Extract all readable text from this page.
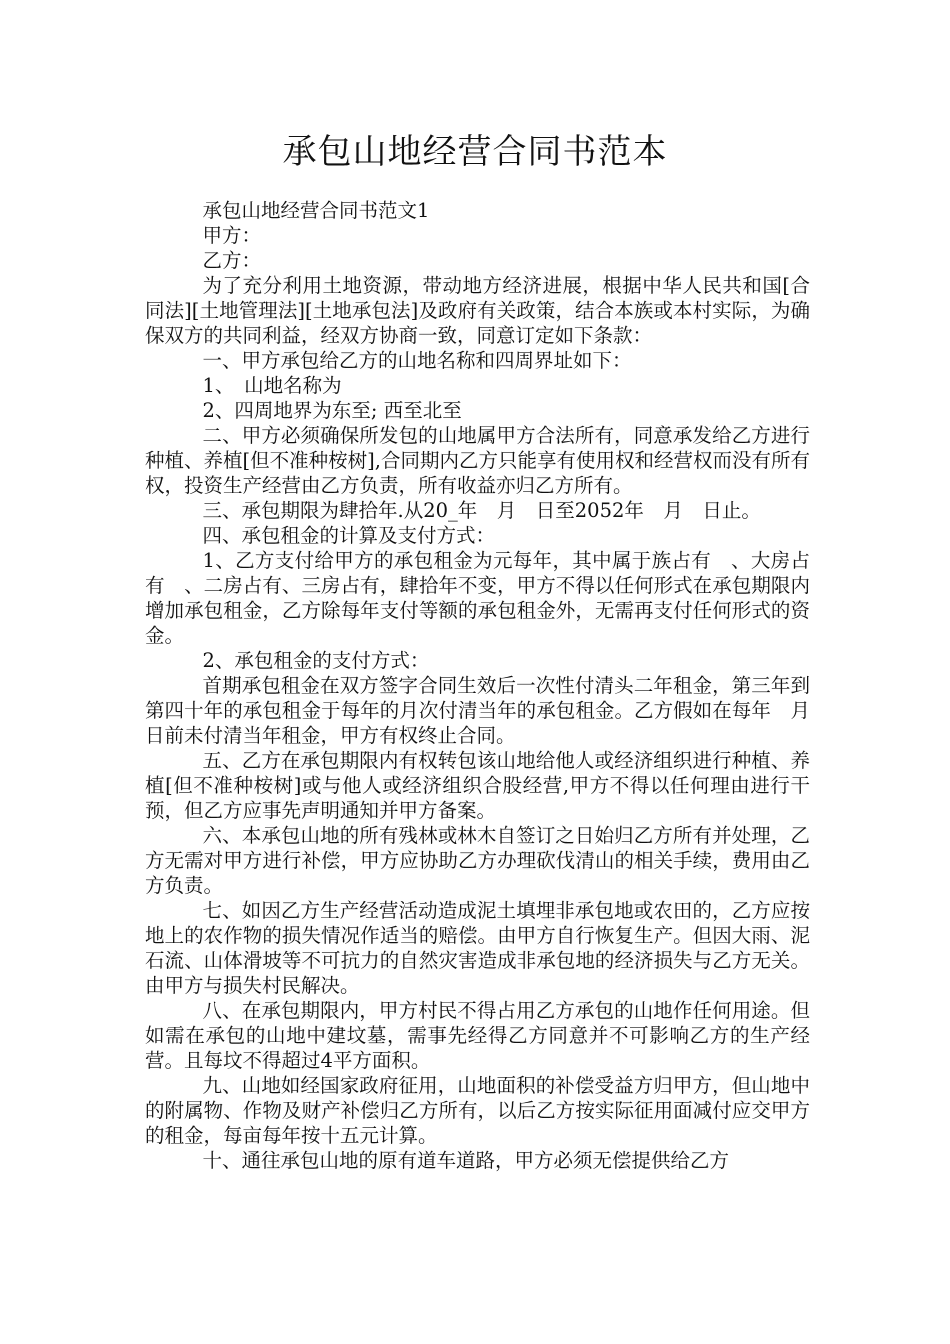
承包山地经营合同书范本

承包山地经营合同书范文1

甲方：

乙方：

为了充分利用土地资源，带动地方经济进展，根据中华人民共和国[合同法][土地管理法][土地承包法]及政府有关政策，结合本族或本村实际，为确保双方的共同利益，经双方协商一致，同意订定如下条款：

一、甲方承包给乙方的山地名称和四周界址如下：

1、　山地名称为

2、四周地界为东至; 西至北至

二、甲方必须确保所发包的山地属甲方合法所有，同意承发给乙方进行种植、养植[但不准种桉树],合同期内乙方只能享有使用权和经营权而没有所有权，投资生产经营由乙方负责，所有收益亦归乙方所有。

三、承包期限为肆拾年.从20_年　月　日至2052年　月　日止。

四、承包租金的计算及支付方式：

1、乙方支付给甲方的承包租金为元每年，其中属于族占有　、大房占有　、二房占有、三房占有，肆拾年不变，甲方不得以任何形式在承包期限内增加承包租金，乙方除每年支付等额的承包租金外，无需再支付任何形式的资金。

2、承包租金的支付方式：

首期承包租金在双方签字合同生效后一次性付清头二年租金，第三年到第四十年的承包租金于每年的月次付清当年的承包租金。乙方假如在每年　月日前未付清当年租金，甲方有权终止合同。

五、乙方在承包期限内有权转包该山地给他人或经济组织进行种植、养植[但不准种桉树]或与他人或经济组织合股经营,甲方不得以任何理由进行干预，但乙方应事先声明通知并甲方备案。

六、本承包山地的所有残林或林木自签订之日始归乙方所有并处理，乙方无需对甲方进行补偿，甲方应协助乙方办理砍伐清山的相关手续，费用由乙方负责。

七、如因乙方生产经营活动造成泥土填埋非承包地或农田的，乙方应按地上的农作物的损失情况作适当的赔偿。由甲方自行恢复生产。但因大雨、泥石流、山体滑坡等不可抗力的自然灾害造成非承包地的经济损失与乙方无关。由甲方与损失村民解决。

八、在承包期限内，甲方村民不得占用乙方承包的山地作任何用途。但如需在承包的山地中建坟墓，需事先经得乙方同意并不可影响乙方的生产经营。且每坟不得超过4平方面积。

九、山地如经国家政府征用，山地面积的补偿受益方归甲方，但山地中的附属物、作物及财产补偿归乙方所有，以后乙方按实际征用面减付应交甲方的租金，每亩每年按十五元计算。

十、通往承包山地的原有道车道路，甲方必须无偿提供给乙方
